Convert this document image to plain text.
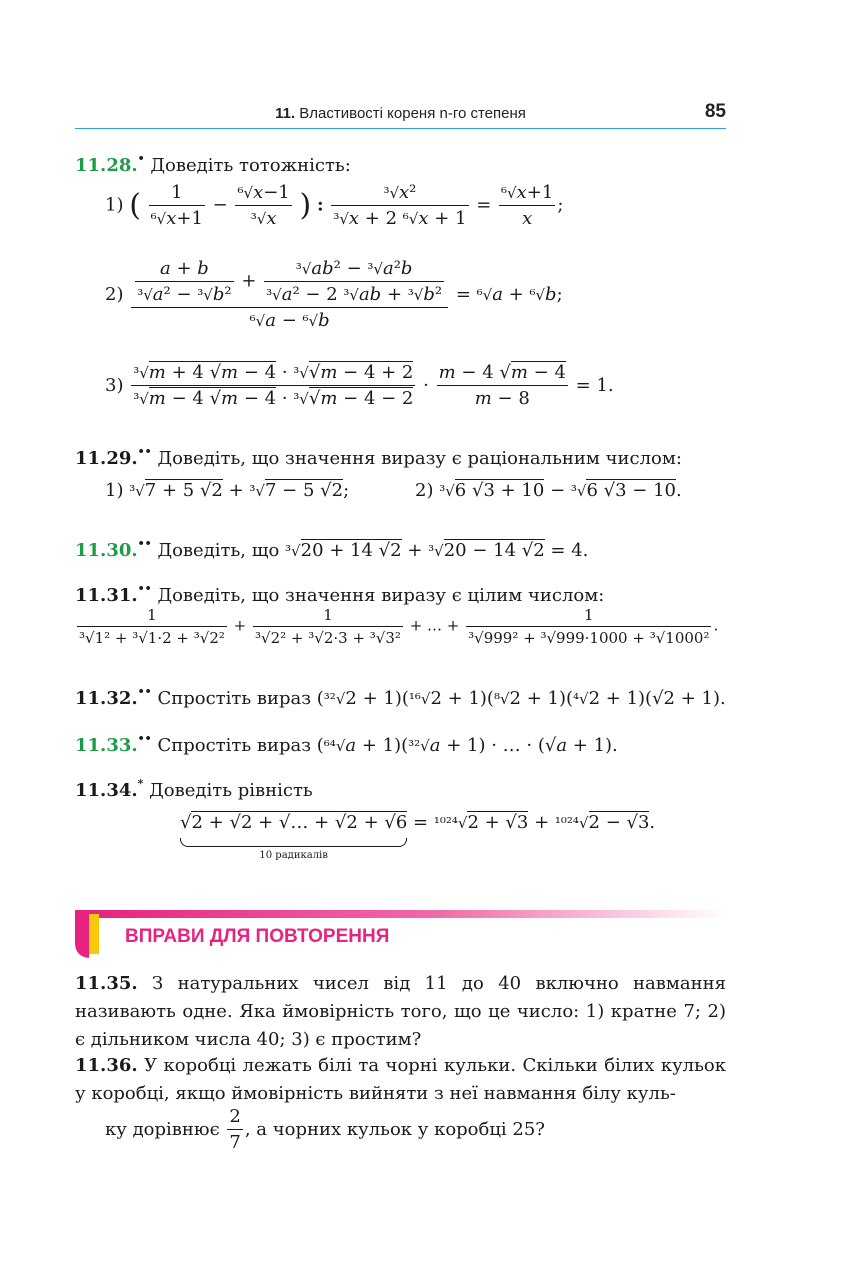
11. Властивості кореня n-го степеня	85
11.28.• Доведіть тотожність:
1) ( $\frac{1}{\text{⁶√x+1}} - \frac{\text{⁶√x−1}}{\text{³√x}}$ ) : $\frac{\text{³√x²}}{\text{³√x + 2 ⁶√x + 1}} = \frac{\text{⁶√x+1}}{x}$ ;
$2) \frac{a + b}{\text{³√a² − ³√b²}} + \frac{\text{³√ab² − ³√a²b}}{\text{³√a² − 2 ³√ab + ³√b²}}$
⁶√a − ⁶√b
= ⁶√a + ⁶√b;
$3) \frac{\text{³√m + 4 √m − 4 · ³√√m − 4 + 2}}{\text{³√m − 4 √m − 4 · ³√√m − 4 − 2}} \cdot \frac{m - 4 √m - 4}{m - 8} = 1$.
11.29.•• Доведіть, що значення виразу є раціональним числом:
1) ³√7 + 5 √2 + ³√7 − 5 √2;	2) ³√6 √3 + 10 − ³√6 √3 − 10.
11.30.•• Доведіть, що ³√20 + 14 √2 + ³√20 − 14 √2 = 4.
11.31.•• Доведіть, що значення виразу є цілим числом:
$\frac{1}{\text{³√1² + ³√1·2 + ³√2²}} + \frac{1}{\text{³√2² + ³√2·3 + ³√3²}}$ + … + $\frac{1}{\text{³√999² + ³√999·1000 + ³√1000²}}$ .
11.32.•• Спростіть вираз (³²√2 + 1)(¹⁶√2 + 1)(⁸√2 + 1)(⁴√2 + 1)(√2 + 1).
11.33.•• Спростіть вираз (⁶⁴√a + 1)(³²√a + 1) · … · (√a + 1).
11.34.* Доведіть рівність
√2 + √2 + √… + √2 + √6
10 радикалів
= ¹⁰²⁴√2 + √3 + ¹⁰²⁴√2 − √3.
ВПРАВИ ДЛЯ ПОВТОРЕННЯ
11.35. З натуральних чисел від 11 до 40 включно навмання називають одне. Яка ймовірність того, що це число: 1) кратне 7; 2) є дільником числа 40; 3) є простим?
11.36. У коробці лежать білі та чорні кульки. Скільки білих кульок у коробці, якщо ймовірність вийняти з неї навмання білу куль-
ку дорівнює $\frac{2}{7}$ , а чорних кульок у коробці 25?
